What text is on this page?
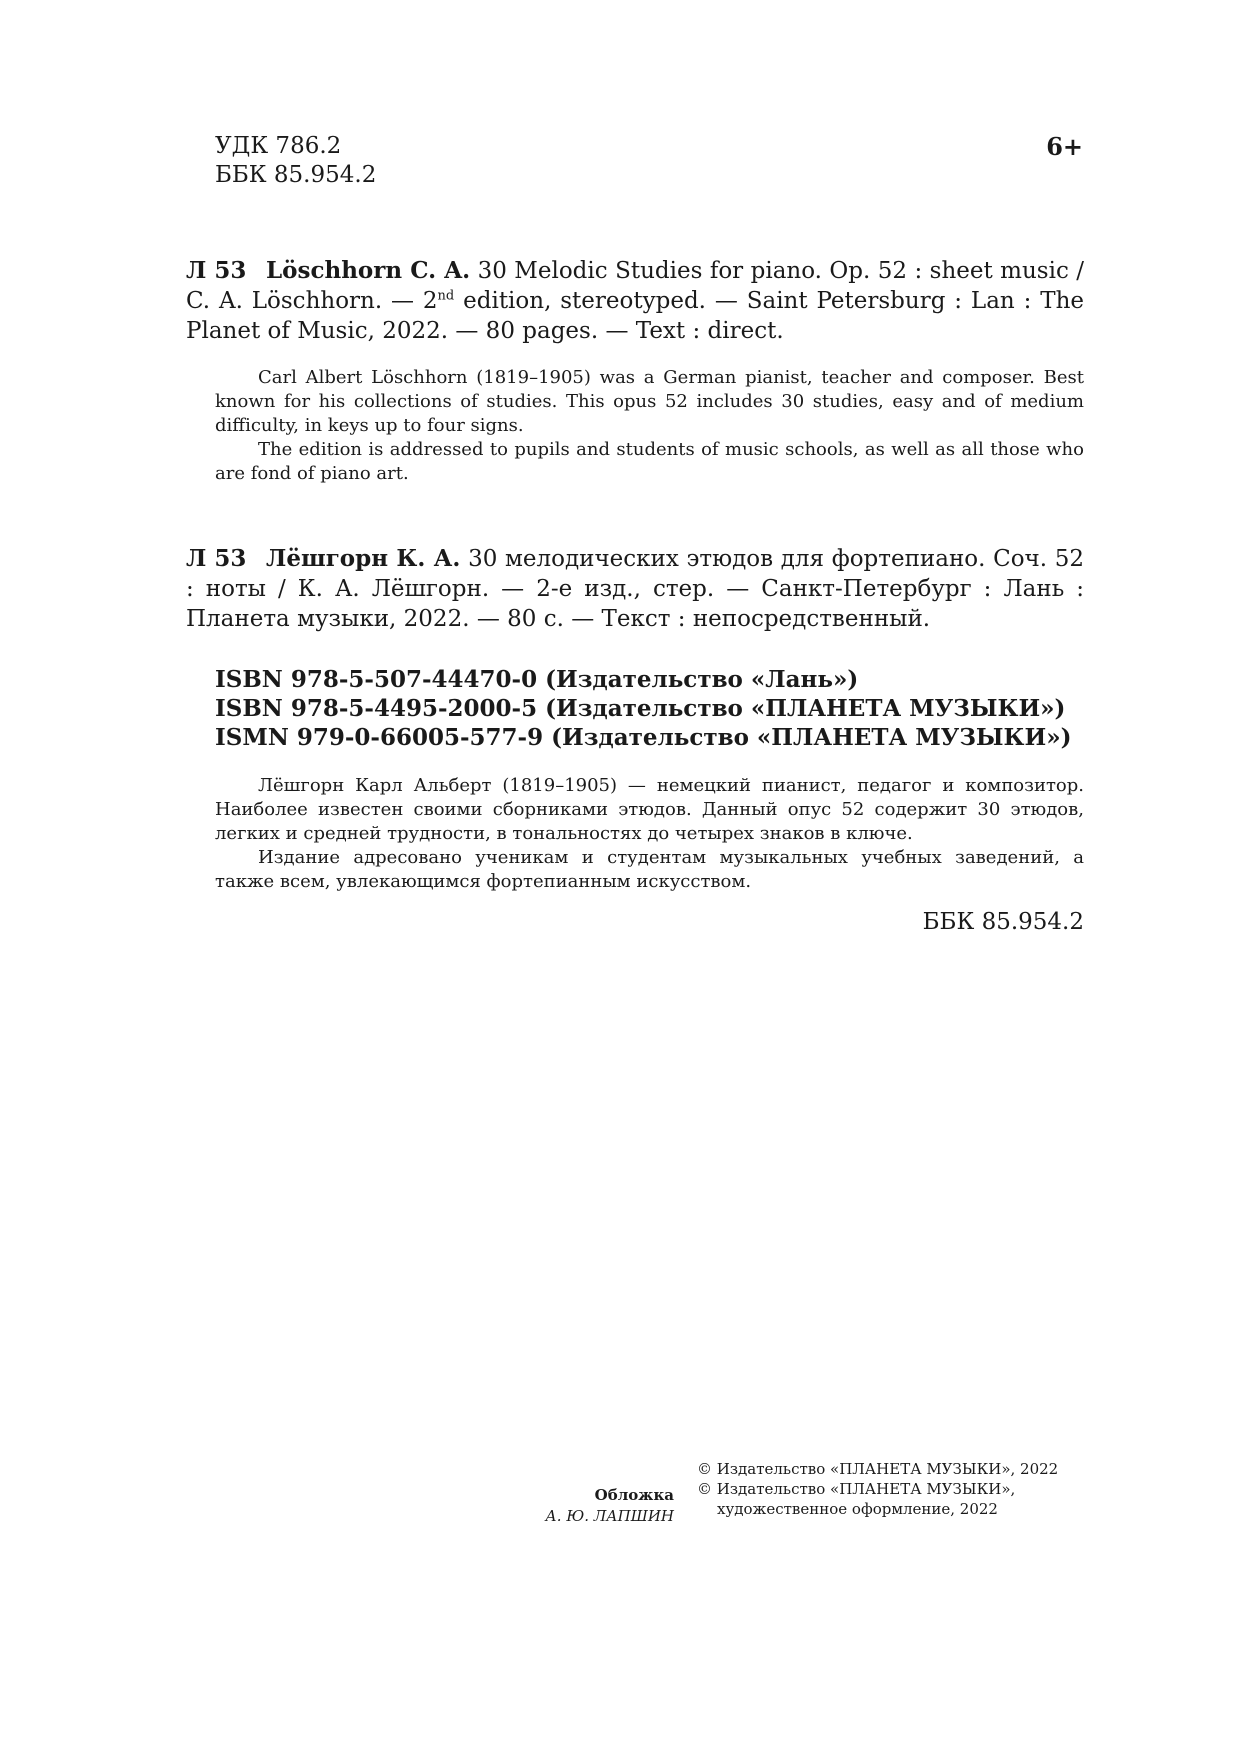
УДК 786.2
ББК 85.954.2
6+
Л 53 Löschhorn C. A. 30 Melodic Studies for piano. Op. 52 : sheet music / C. A. Löschhorn. — 2nd edition, stereotyped. — Saint Petersburg : Lan : The Planet of Music, 2022. — 80 pages. — Text : direct.

Carl Albert Löschhorn (1819–1905) was a German pianist, teacher and composer. Best known for his collections of studies. This opus 52 includes 30 studies, easy and of medium difficulty, in keys up to four signs.

The edition is addressed to pupils and students of music schools, as well as all those who are fond of piano art.

Л 53 Лёшгорн К. А. 30 мелодических этюдов для фортепиано. Соч. 52 : ноты / К. А. Лёшгорн. — 2-е изд., стер. — Санкт-Петербург : Лань : Планета музыки, 2022. — 80 с. — Текст : непосредственный.
ISBN 978-5-507-44470-0 (Издательство «Лань»)
ISBN 978-5-4495-2000-5 (Издательство «ПЛАНЕТА МУЗЫКИ»)
ISMN 979-0-66005-577-9 (Издательство «ПЛАНЕТА МУЗЫКИ»)

Лёшгорн Карл Альберт (1819–1905) — немецкий пианист, педагог и композитор. Наиболее известен своими сборниками этюдов. Данный опус 52 содержит 30 этюдов, легких и средней трудности, в тональностях до четырех знаков в ключе.

Издание адресовано ученикам и студентам музыкальных учебных заведений, а также всем, увлекающимся фортепианным искусством.

ББК 85.954.2
Обложка
А. Ю. ЛАПШИН
© Издательство «ПЛАНЕТА МУЗЫКИ», 2022
© Издательство «ПЛАНЕТА МУЗЫКИ»,
художественное оформление, 2022
